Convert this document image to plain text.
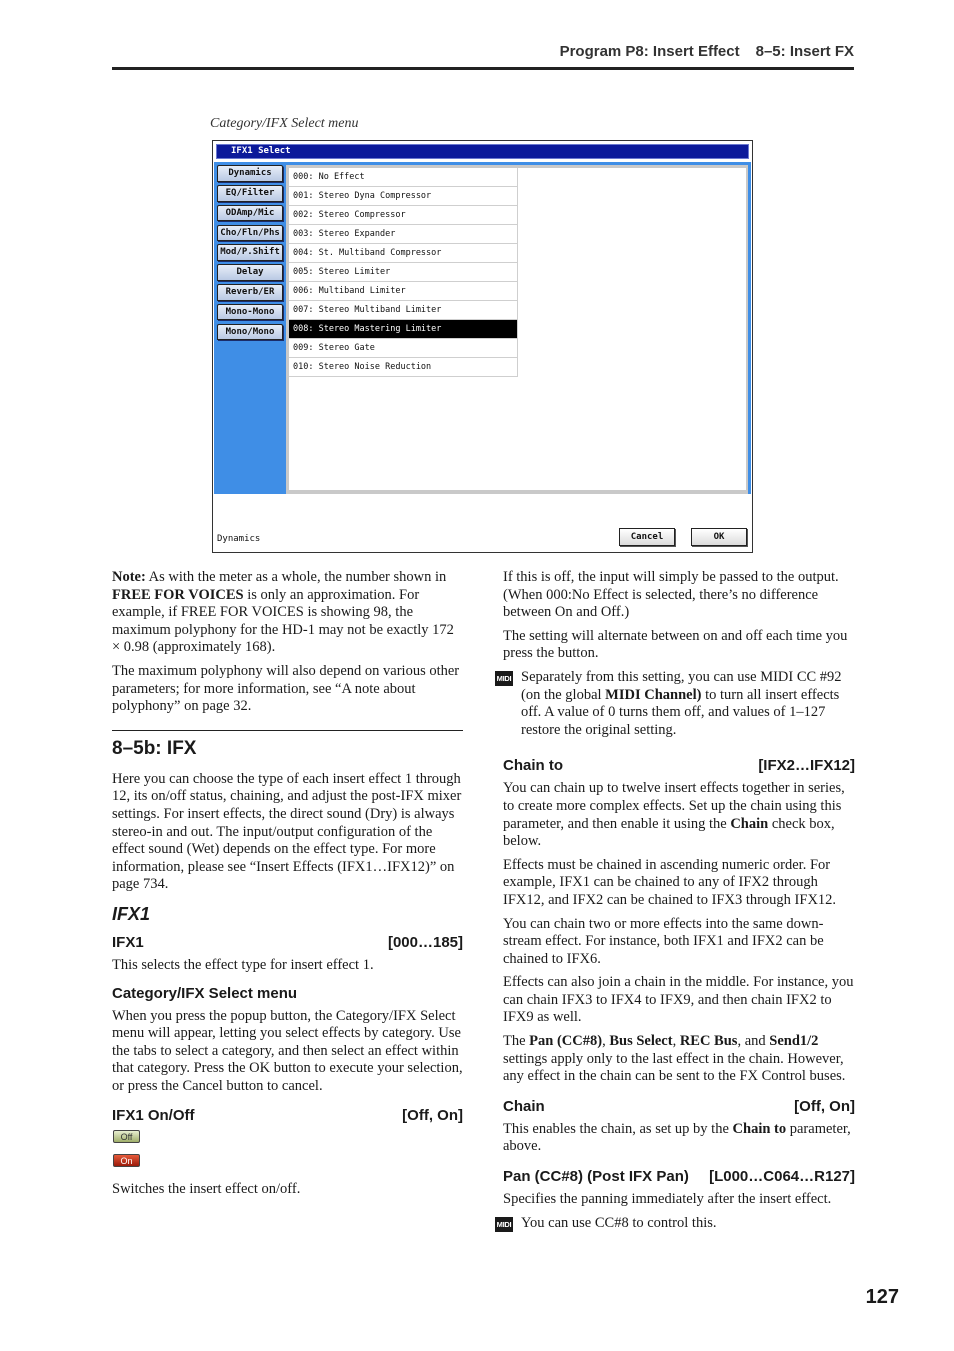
Program P8: Insert Effect 8–5: Insert FX
Category/IFX Select menu
IFX1 Select
Dynamics
EQ/Filter
ODAmp/Mic
Cho/Fln/Phs
Mod/P.Shift
Delay
Reverb/ER
Mono-Mono
Mono/Mono
000: No Effect
001: Stereo Dyna Compressor
002: Stereo Compressor
003: Stereo Expander
004: St. Multiband Compressor
005: Stereo Limiter
006: Multiband Limiter
007: Stereo Multiband Limiter
008: Stereo Mastering Limiter
009: Stereo Gate
010: Stereo Noise Reduction
Dynamics	Cancel	OK

Note: As with the meter as a whole, the number shown in FREE FOR VOICES is only an approximation. For example, if FREE FOR VOICES is showing 98, the maximum polyphony for the HD-1 may not be exactly 172 × 0.98 (approximately 168).

The maximum polyphony will also depend on various other parameters; for more information, see “A note about polyphony” on page 32.

8–5b: IFX

Here you can choose the type of each insert effect 1 through 12, its on/off status, chaining, and adjust the post-IFX mixer settings. For insert effects, the direct sound (Dry) is always stereo-in and out. The input/output configuration of the effect sound (Wet) depends on the effect type. For more information, please see “Insert Effects (IFX1…IFX12)” on page 734.

IFX1
IFX1	[000…185]

This selects the effect type for insert effect 1.

Category/IFX Select menu

When you press the popup button, the Category/IFX Select menu will appear, letting you select effects by category. Use the tabs to select a category, and then select an effect within that category. Press the OK button to execute your selection, or press the Cancel button to cancel.

IFX1 On/Off	[Off, On]
Off
On

Switches the insert effect on/off.

If this is off, the input will simply be passed to the output. (When 000:No Effect is selected, there’s no difference between On and Off.)

The setting will alternate between on and off each time you press the button.

MIDI Separately from this setting, you can use MIDI CC #92 (on the global MIDI Channel) to turn all insert effects off. A value of 0 turns them off, and values of 1–127 restore the original setting.

Chain to	[IFX2…IFX12]

You can chain up to twelve insert effects together in series, to create more complex effects. Set up the chain using this parameter, and then enable it using the Chain check box, below.

Effects must be chained in ascending numeric order. For example, IFX1 can be chained to any of IFX2 through IFX12, and IFX2 can be chained to IFX3 through IFX12.

You can chain two or more effects into the same down-stream effect. For instance, both IFX1 and IFX2 can be chained to IFX6.

Effects can also join a chain in the middle. For instance, you can chain IFX3 to IFX4 to IFX9, and then chain IFX2 to IFX9 as well.

The Pan (CC#8), Bus Select, REC Bus, and Send1/2 settings apply only to the last effect in the chain. However, any effect in the chain can be sent to the FX Control buses.

Chain	[Off, On]

This enables the chain, as set up by the Chain to parameter, above.

Pan (CC#8) (Post IFX Pan) [L000…C064…R127]

Specifies the panning immediately after the insert effect.

MIDI You can use CC#8 to control this.

127
